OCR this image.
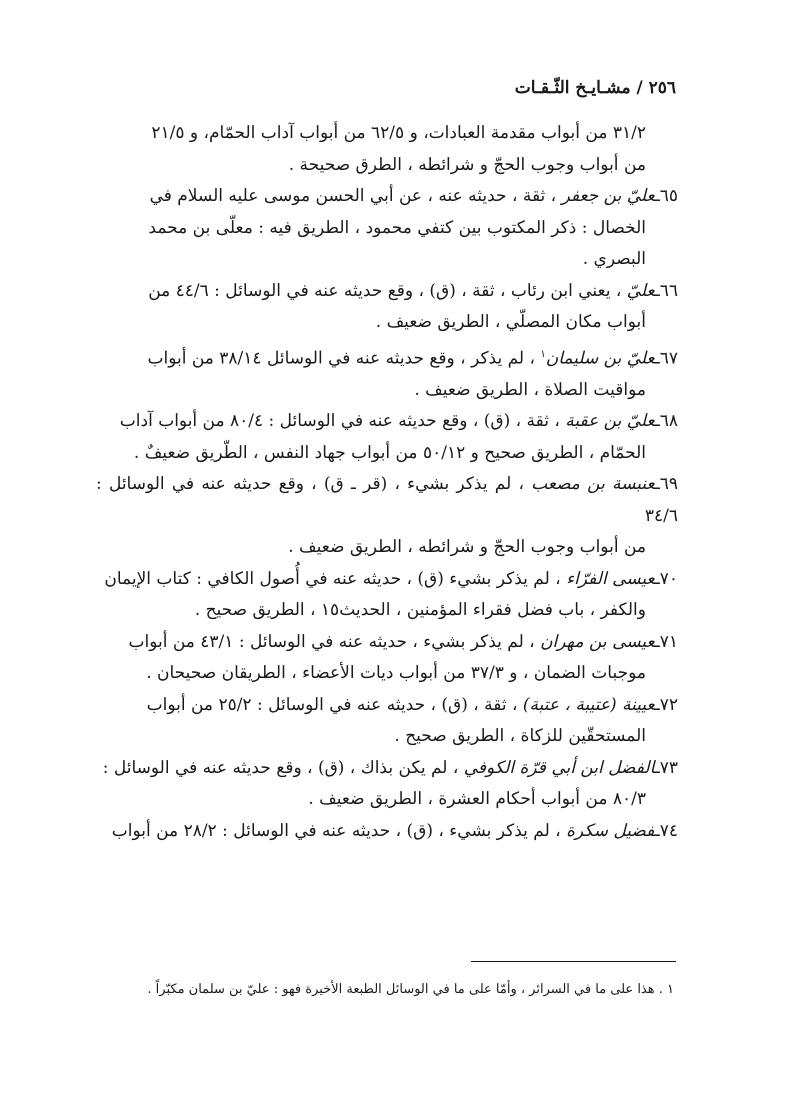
٢٥٦ / مشـايـخ الثّـقـات
٣١/٢ من أبواب مقدمة العبادات، و ٦٢/٥ من أبواب آداب الحمّام، و ٢١/٥
من أبواب وجوب الحجّ و شرائطه ، الطرق صحيحة .
٦٥ـعليّ بن جعفر ، ثقة ، حديثه عنه ، عن أبي الحسن موسى عليه السلام في
الخصال : ذكر المكتوب بين كتفي محمود ، الطريق فيه : معلّى بن محمد
البصري .
٦٦ـعليّ ، يعني ابن رئاب ، ثقة ، (ق) ، وقع حديثه عنه في الوسائل : ٤٤/٦ من
أبواب مكان المصلّي ، الطريق ضعيف .
٦٧ـعليّ بن سليمان$^١$ ، لم يذكر ، وقع حديثه عنه في الوسائل ٣٨/١٤ من أبواب
مواقيت الصلاة ، الطريق ضعيف .
٦٨ـعليّ بن عقبة ، ثقة ، (ق) ، وقع حديثه عنه في الوسائل : ٨٠/٤ من أبواب آداب
الحمّام ، الطريق صحيح و ٥٠/١٢ من أبواب جهاد النفس ، الطّريق ضعيفٌ .
٦٩ـعنبسة بن مصعب ، لم يذكر بشيء ، (قر ـ ق) ، وقع حديثه عنه في الوسائل : ٣٤/٦
من أبواب وجوب الحجّ و شرائطه ، الطريق ضعيف .
٧٠ـعيسى الفرّاء ، لم يذكر بشيء (ق) ، حديثه عنه في أُصول الكافي : كتاب الإيمان
والكفر ، باب فضل فقراء المؤمنين ، الحديث١٥ ، الطريق صحيح .
٧١ـعيسى بن مهران ، لم يذكر بشيء ، حديثه عنه في الوسائل : ٤٣/١ من أبواب
موجبات الضمان ، و ٣٧/٣ من أبواب ديات الأعضاء ، الطريقان صحيحان .
٧٢ـعيينة (عتيبة ، عتبة) ، ثقة ، (ق) ، حديثه عنه في الوسائل : ٢٥/٢ من أبواب
المستحقّين للزكاة ، الطريق صحيح .
٧٣ـالفضل ابن أبي قرّة الكوفي ، لم يكن بذاك ، (ق) ، وقع حديثه عنه في الوسائل :
٨٠/٣ من أبواب أحكام العشرة ، الطريق ضعيف .
٧٤ـفضيل سكرة ، لم يذكر بشيء ، (ق) ، حديثه عنه في الوسائل : ٢٨/٢ من أبواب
١ . هذا على ما في السرائر ، وأمّا على ما في الوسائل الطبعة الأخيرة فهو : عليّ بن سلمان مكبّراً .
